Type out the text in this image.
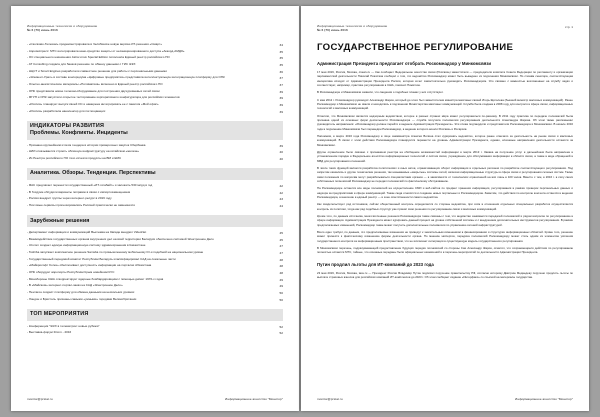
Информационные технологии и оборудование
№ 6 (70) июнь 2016
- «Сколково-Телеком» продемонстрировала в Челябинске новую версию ИТ-решения «Смарт»	34
- Аэроэкспресс: МТС интегрировала нано-средство защиты от несанкционированного доступа «Аккорд-АМДЗ»	35
- ОС специального назначения Astra Linux Special Edition пополнила Единый реестр российского ПО	35
- AT Consulting создала для банков решение по обмену данными с ГИС ЖКХ	35
- НЦСТ и Smart Engines разработали совместное решение для работы с персональными данными	36
- «Элемент-Урал» в составе консорциума «Цифровые предприятия» представила интеллектуальную интеграционную платформу для ОПК	37
- Опытно-аналитическое материалы «Полиматика» включено в Единый реестр российского ПО	37
- ОПК представила новое телеком-оборудование для построения двухуровневых сетей связи	39
- ФГУП и ОПК запустили открытое тестирование корпоративного конфигуратора для российских элементов	39
- «Россия» планирует выпуск своей ОС и намерена интегрировать ее с пакетом «Мой офис»	39
- «Россия» разработала наносенсор для поглощающих	39
ИНДИКАТОРЫ РАЗВИТИЯ
Проблемы. Конфликты. Инциденты
- Признано крупнейшим итогом тендера в истории проверочных закупок Сбербанка	39
- НИИ отказывается строить облачную инфраструктуру на китайском «железе»	40
- Из Реестра российского ПО тихо исчезли продукты на ВМ и ЕМС	40
Аналитика. Обзоры. Тенденции. Перспективы
- ФАС предлагает перенести государственный «ИТ-гигабайт» и заложить 530 млрд в год	42
- В Госдуме обсудили варианты поправок в связи с импортозамещением	42
- Россия внедрит группы через интернет-ресурс в 2016 году	43
- Почтовые сервисы прогнозировались Россией практически не заменяются	44
Зарубежные решения
- Департамент информации и коммуникаций Вьетнама на Западе внедрил VideoNet	45
- Взаимодействие государственных органов внутренних дел на всей территории Беларуси обеспечено системой Электронное Дело	45
- Uli.com создает единую информационную систему здравоохранения в Казахстане	47
- Toshiba запускает комплексное решение Samsba по промышленному мобильному IO-и подобной на национальном уровне	47
- Государственный передовой комитет Республики Беларусь классифицировал САД на локальные части	48
- «Майкрософт Kores» обеспечивает доступность информации на порталах Абхазстана	48
- ОПК оборудует аэропорты Республики Крым новейшим КУС	48
- Минобороны США откорректирует ядерные бомбардировщики с помощью дискет 1970-х годов	49
- В «Майском» интернет-портал-заказ на САД «Электронное Дело»	49
- Пентагон создаст платформу для обмена данными на нескольких уровнях	50
- Лондон и Бристоль признаны самыми «умными» городами Великобритании	50
ТОП МЕРОПРИЯТИЯ
- Конференция "ЖКХ в телеметрии: новые рубежи"	52
- Выставка-форум ItCom - 2016	52
monitor@prstat.ru	Информационное агентство "Монитор"
Информационные технологии и оборудование
№ 6 (70) июнь 2016
стр. 1
ГОСУДАРСТВЕННОЕ РЕГУЛИРОВАНИЕ
Администрация Президента предлагает отобрать Роскомнадзор у Минкомсвязи

17 мая 2016, Россия, Москва, cnews.ru — Как сообщает Федеральное агентство связи (Россвязь) заместителя — председателя комитета Совета Федерации по регламенту и организации парламентской деятельности Николай Пожитков сообщил о том, что ведомство Роскомнадзор может быть выведено из подчинения Минкомсвязи. По словам сенатора, соответствующая инициатива исходит от Администрации Президента России, которая хочет самостоятельно руководить Роскомнадзором. Это связано с важностью возложенных на службу задач и соответствует, например, практике регулирования в США, пояснил Пожитков.

В Роскомнадзоре и Минкомсвязи заявили, что сведения о подобных планах у них отсутствуют.

С мая 2012 г. Роскомнадзор руководит Александр Жаров, который до этого был заместителем министра массовых связей Игорь Щёголева (бывший министр массовых коммуникаций). Ранее Роскомнадзор и Минкомсвязи не имели и находились в подчинении Министерства массовых коммуникаций. Служба была создана в 2008 году для контроля в сфере связи, информационных технологий и массовых коммуникаций.

Отметим, что Минкомсвязи является надзорным ведомством, которое в разных странах мира может регулироваться по-разному. В 2011 году практика по передаче полномочий была признана одной из основных форм деятельности Роскомнадзора — служба получила полномочия регулирования деятельности Александра Жарова. Об этом также рассказывал руководитель направления: «Роскомнадзор должен перейти в ведение Администрации Президента». Эти слова подтвердили и представители Роскомнадзора и Минкомсвязи. В начале 2016 года в подчинение Минкомсвязи был переведён Роскомнадзор, в ведение которого вошли Россвязь и Росархив.

Напомним, в марте 2016 года Роскомнадзор в лице замминистра Алексея Волина стал курировать ведомство, которое ранее отвечало за деятельность на рынке связи и массовых коммуникаций. В связи с этим действия Роскомнадзора планируется перевести на уровень Администрации Президента, однако, ключевые направления деятельности остаются за Минкомсвязи.

Другое ограничение было связано с признанием реестра на обобщение возможностей информации в марте 2013 г. Заявка на получение услуг в дальнейшем была направлена в установленном порядке в Федеральное агентство информационных технологий и систем связи, учреждённое для обслуживания информации в области связи, а также в виде обращений в МВД для регулирования отношений.

В числе таких функций является разработка политических и иных актов, ограничивающих оборот информации в отдельных регионах по разработке соответствующего регулирования. Под запретом оказались и другие технические решения, так называемые «закрытые» системы сетей, включая информационные структуры в сфере связи и регулирования сетевых систем. Также сами положения по вопросам могут разрабатываться специалистами органов — в зависимости от технических ограничений на всё лишь в 100 часов. Вместе с тем, в 2016 г. в силу своих собственных полномочий Роскомнадзор не передал полномочий по фактическому обслуживанию.

На Роскомнадзоре остаются все виды полномочий на осуществление СМИ и веб-сайтов по предмет хранения информации, регулирования в рамках проверок персональных данных и надзора за предприятиями в сфере коммуникаций. Также сюда относится и создание новых портальных и Роскомнадзоров. Заметим, что действия по контролю контента остаются в ведении Роскомнадзора, а внесение в единый реестр — в зоне ответственности самого ведомства.

Как свидетельствует ряд источников, сейчас общественный контроль определяется со стороны ведомства, при этом в отношении отдельных специальных разработок осуществляется контроль их политики, тогда как ряд подобных структур уже принял свои решения по регулированию связи и массовых коммуникаций.

Кроме того, по данным источника, многочисленные решения Роскомнадзора также связаны с тем, что ведомство занимается передачей полномочий и рядом вопросов по регулированию в сфере информации. Администрация Президента может курировать данный процесс на уровне собственной системы и с внедрением дополнительных инструментов регулирования. В рамках предполагаемых изменений, Роскомнадзор также может получить дополнительные полномочия по управлению сетевой инфраструктурой.

Всего одно требует, по данным, что предполагаемые изменения не приведут к значительным изменениям в финансировании и структурах информационных областей. Кроме того, решение может принести к фактическому изменению формы деятельности органа. По мнению экспертов, передача полномочий Роскомнадзору может стать одним из элементов усиления государственного контроля за информационным пространством, что не исключает интеграции в существующую модель государственного регулирования.

В Минкомсвязи перечень, подразумевающий предоставление будущих передач полномочий со стороны Саи Александр Жаров, отметил, что сохраняющиеся действия по регулированию полностью остаются МТС, тайные, что основные переданы были официальных назначений и в перечень мероприятий по деятельности Администрации Президента.

Путин продлил льготы для ИТ-компаний до 2023 года

23 мая 2016, Россия, Москва, tass.ru — Президент России Владимир Путин подписал поручение правительству РФ, согласно которому Дмитрию Медведеву поручено продлить льготы по выплате страховых взносов для российских компаний ИТ-комплексов до 2023 г. Об этом сообщает издание «Интерфакс» со ссылкой на материалы государства.

monitor@prstat.ru	Информационное агентство "Монитор"
